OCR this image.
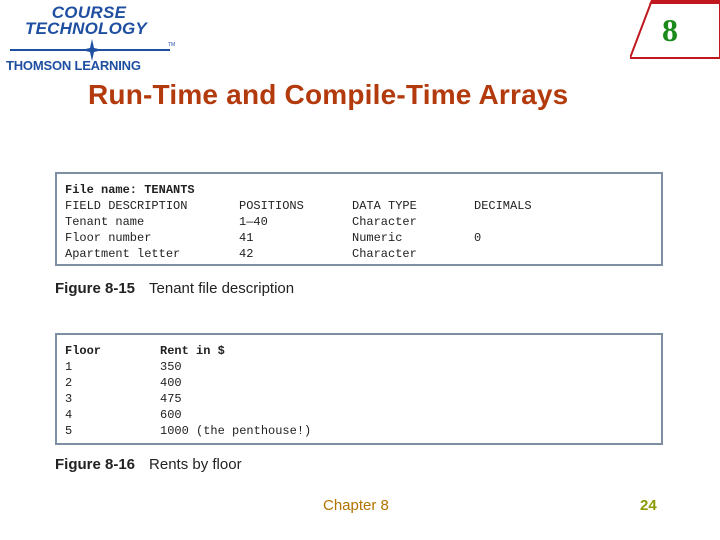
COURSE
TECHNOLOGY
TM
THOMSON LEARNING
8
Run-Time and Compile-Time Arrays
File name: TENANTS
FIELD DESCRIPTION	POSITIONS	DATA TYPE	DECIMALS
Tenant name	1—40	Character
Floor number	41	Numeric	0
Apartment letter	42	Character
Figure 8-15 Tenant file description
Floor	Rent in $
1	350
2	400
3	475
4	600
5	1000 (the penthouse!)
Figure 8-16 Rents by floor
Chapter 8	24
